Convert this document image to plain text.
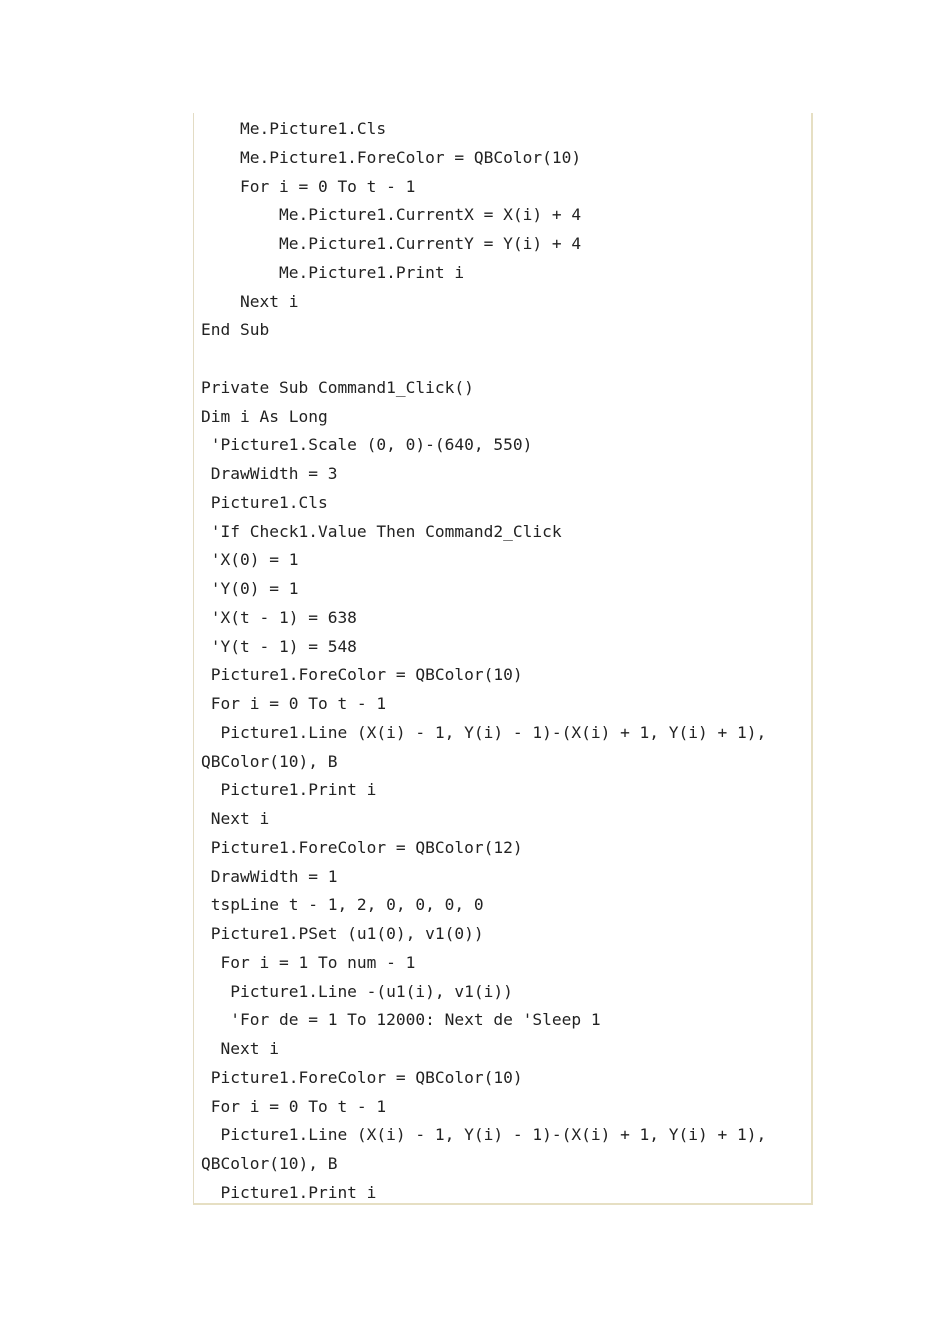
Me.Picture1.Cls
Me.Picture1.ForeColor = QBColor(10)
For i = 0 To t - 1
Me.Picture1.CurrentX = X(i) + 4
Me.Picture1.CurrentY = Y(i) + 4
Me.Picture1.Print i
Next i
End Sub
Private Sub Command1_Click()
Dim i As Long
'Picture1.Scale (0, 0)-(640, 550)
DrawWidth = 3
Picture1.Cls
'If Check1.Value Then Command2_Click
'X(0) = 1
'Y(0) = 1
'X(t - 1) = 638
'Y(t - 1) = 548
Picture1.ForeColor = QBColor(10)
For i = 0 To t - 1
Picture1.Line (X(i) - 1, Y(i) - 1)-(X(i) + 1, Y(i) + 1),
QBColor(10), B
Picture1.Print i
Next i
Picture1.ForeColor = QBColor(12)
DrawWidth = 1
tspLine t - 1, 2, 0, 0, 0, 0
Picture1.PSet (u1(0), v1(0))
For i = 1 To num - 1
Picture1.Line -(u1(i), v1(i))
'For de = 1 To 12000: Next de 'Sleep 1
Next i
Picture1.ForeColor = QBColor(10)
For i = 0 To t - 1
Picture1.Line (X(i) - 1, Y(i) - 1)-(X(i) + 1, Y(i) + 1),
QBColor(10), B
Picture1.Print i
